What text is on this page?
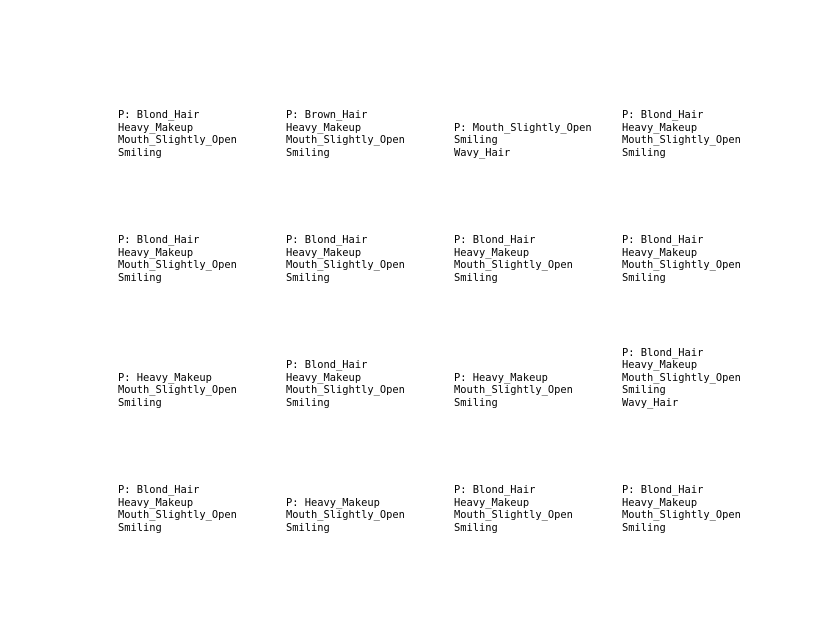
P: Blond_Hair
Heavy_Makeup
Mouth_Slightly_Open
Smiling
P: Brown_Hair
Heavy_Makeup
Mouth_Slightly_Open
Smiling
P: Mouth_Slightly_Open
Smiling
Wavy_Hair
P: Blond_Hair
Heavy_Makeup
Mouth_Slightly_Open
Smiling
P: Blond_Hair
Heavy_Makeup
Mouth_Slightly_Open
Smiling
P: Blond_Hair
Heavy_Makeup
Mouth_Slightly_Open
Smiling
P: Blond_Hair
Heavy_Makeup
Mouth_Slightly_Open
Smiling
P: Blond_Hair
Heavy_Makeup
Mouth_Slightly_Open
Smiling
P: Heavy_Makeup
Mouth_Slightly_Open
Smiling
P: Blond_Hair
Heavy_Makeup
Mouth_Slightly_Open
Smiling
P: Heavy_Makeup
Mouth_Slightly_Open
Smiling
P: Blond_Hair
Heavy_Makeup
Mouth_Slightly_Open
Smiling
Wavy_Hair
P: Blond_Hair
Heavy_Makeup
Mouth_Slightly_Open
Smiling
P: Heavy_Makeup
Mouth_Slightly_Open
Smiling
P: Blond_Hair
Heavy_Makeup
Mouth_Slightly_Open
Smiling
P: Blond_Hair
Heavy_Makeup
Mouth_Slightly_Open
Smiling
